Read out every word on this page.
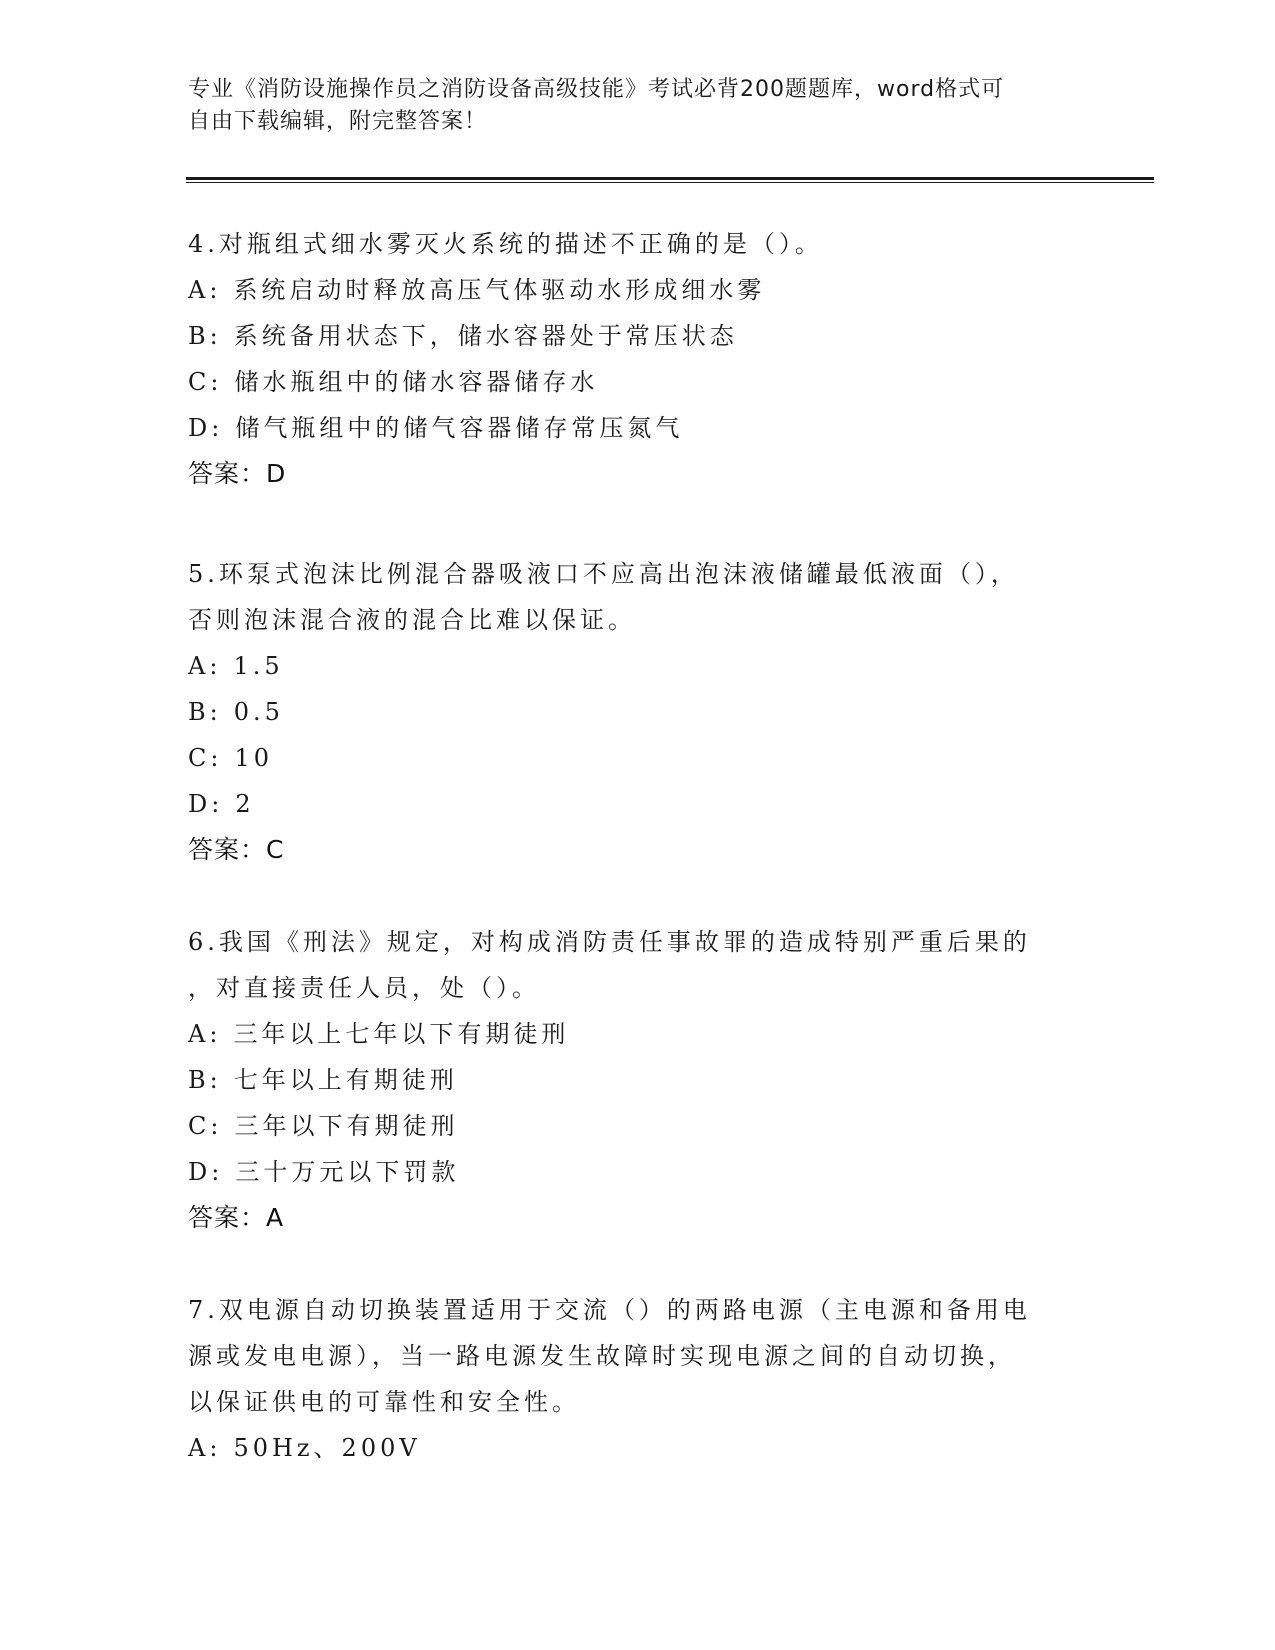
专业《消防设施操作员之消防设备高级技能》考试必背200题题库，word格式可
自由下载编辑，附完整答案！
4.对瓶组式细水雾灭火系统的描述不正确的是（）。
A: 系统启动时释放高压气体驱动水形成细水雾
B: 系统备用状态下，储水容器处于常压状态
C: 储水瓶组中的储水容器储存水
D: 储气瓶组中的储气容器储存常压氮气
答案：D
5.环泵式泡沫比例混合器吸液口不应高出泡沫液储罐最低液面（），
否则泡沫混合液的混合比难以保证。
A: 1.5
B: 0.5
C: 10
D: 2
答案：C
6.我国《刑法》规定，对构成消防责任事故罪的造成特别严重后果的
，对直接责任人员，处（）。
A: 三年以上七年以下有期徒刑
B: 七年以上有期徒刑
C: 三年以下有期徒刑
D: 三十万元以下罚款
答案：A
7.双电源自动切换装置适用于交流（）的两路电源（主电源和备用电
源或发电电源），当一路电源发生故障时实现电源之间的自动切换，
以保证供电的可靠性和安全性。
A: 50Hz、200V
